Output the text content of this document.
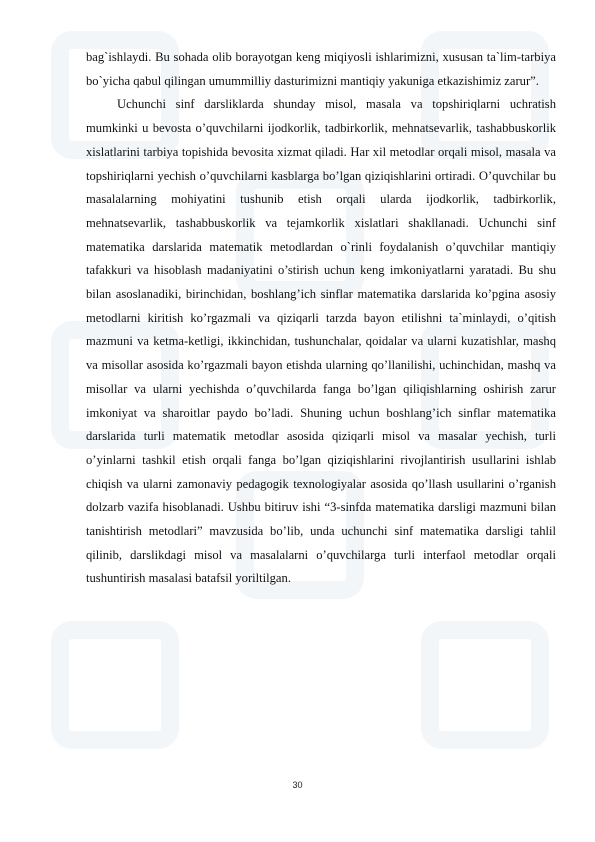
bag`ishlaydi. Bu sohada olib borayotgan keng miqiyosli ishlarimizni, xususan ta`lim-tarbiya bo`yicha qabul qilingan umummilliy dasturimizni mantiqiy yakuniga etkazishimiz zarur”.

Uchunchi sinf darsliklarda shunday misol, masala va topshiriqlarni uchratish mumkinki u bevosta o’quvchilarni ijodkorlik, tadbirkorlik, mehnatsevarlik, tashabbuskorlik xislatlarini tarbiya topishida bevosita xizmat qiladi. Har xil metodlar orqali misol, masala va topshiriqlarni yechish o’quvchilarni kasblarga bo’lgan qiziqishlarini ortiradi. O’quvchilar bu masalalarning mohiyatini tushunib etish orqali ularda ijodkorlik, tadbirkorlik, mehnatsevarlik, tashabbuskorlik va tejamkorlik xislatlari shakllanadi. Uchunchi sinf matematika darslarida matematik metodlardan o`rinli foydalanish o’quvchilar mantiqiy tafakkuri va hisoblash madaniyatini o’stirish uchun keng imkoniyatlarni yaratadi. Bu shu bilan asoslanadiki, birinchidan, boshlang’ich sinflar matematika darslarida ko’pgina asosiy metodlarni kiritish ko’rgazmali va qiziqarli tarzda bayon etilishni ta`minlaydi, o’qitish mazmuni va ketma-ketligi, ikkinchidan, tushunchalar, qoidalar va ularni kuzatishlar, mashq va misollar asosida ko’rgazmali bayon etishda ularning qo’llanilishi, uchinchidan, mashq va misollar va ularni yechishda o’quvchilarda fanga bo’lgan qiliqishlarning oshirish zarur imkoniyat va sharoitlar paydo bo’ladi. Shuning uchun boshlang’ich sinflar matematika darslarida turli matematik metodlar asosida qiziqarli misol va masalar yechish, turli o’yinlarni tashkil etish orqali fanga bo’lgan qiziqishlarini rivojlantirish usullarini ishlab chiqish va ularni zamonaviy pedagogik texnologiyalar asosida qo’llash usullarini o’rganish dolzarb vazifa hisoblanadi. Ushbu bitiruv ishi “3-sinfda matematika darsligi mazmuni bilan tanishtirish metodlari” mavzusida bo’lib, unda uchunchi sinf matematika darsligi tahlil qilinib, darslikdagi misol va masalalarni o’quvchilarga turli interfaol metodlar orqali tushuntirish masalasi batafsil yoriltilgan.

30
